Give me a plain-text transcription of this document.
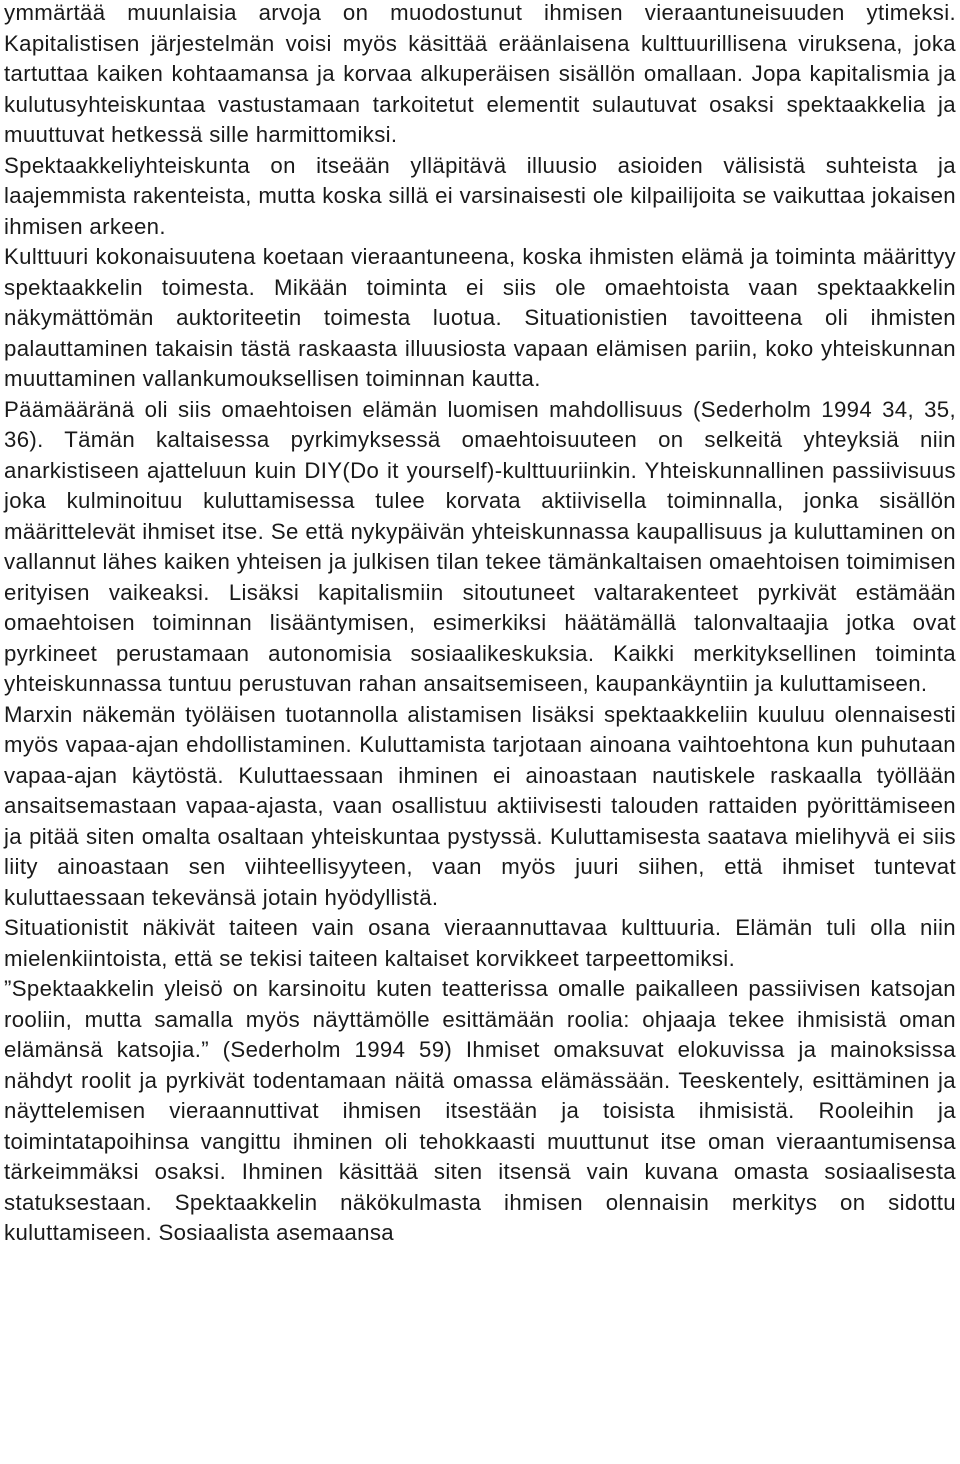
ymmärtää muunlaisia arvoja on muodostunut ihmisen vieraantuneisuuden ytimeksi. Kapitalistisen järjestelmän voisi myös käsittää eräänlaisena kulttuurillisena viruksena, joka tartuttaa kaiken kohtaamansa ja korvaa alkuperäisen sisällön omallaan. Jopa kapitalismia ja kulutusyhteiskuntaa vastustamaan tarkoitetut elementit sulautuvat osaksi spektaakkelia ja muuttuvat hetkessä sille harmittomiksi.

Spektaakkeliyhteiskunta on itseään ylläpitävä illuusio asioiden välisistä suhteista ja laajemmista rakenteista, mutta koska sillä ei varsinaisesti ole kilpailijoita se vaikuttaa jokaisen ihmisen arkeen.

Kulttuuri kokonaisuutena koetaan vieraantuneena, koska ihmisten elämä ja toiminta määrittyy spektaakkelin toimesta. Mikään toiminta ei siis ole omaehtoista vaan spektaakkelin näkymättömän auktoriteetin toimesta luotua. Situationistien tavoitteena oli ihmisten palauttaminen takaisin tästä raskaasta illuusiosta vapaan elämisen pariin, koko yhteiskunnan muuttaminen vallankumouksellisen toiminnan kautta.

Päämääränä oli siis omaehtoisen elämän luomisen mahdollisuus (Sederholm 1994 34, 35, 36). Tämän kaltaisessa pyrkimyksessä omaehtoisuuteen on selkeitä yhteyksiä niin anarkistiseen ajatteluun kuin DIY(Do it yourself)-kulttuuriinkin. Yhteiskunnallinen passiivisuus joka kulminoituu kuluttamisessa tulee korvata aktiivisella toiminnalla, jonka sisällön määrittelevät ihmiset itse. Se että nykypäivän yhteiskunnassa kaupallisuus ja kuluttaminen on vallannut lähes kaiken yhteisen ja julkisen tilan tekee tämänkaltaisen omaehtoisen toimimisen erityisen vaikeaksi. Lisäksi kapitalismiin sitoutuneet valtarakenteet pyrkivät estämään omaehtoisen toiminnan lisääntymisen, esimerkiksi häätämällä talonvaltaajia jotka ovat pyrkineet perustamaan autonomisia sosiaalikeskuksia. Kaikki merkityksellinen toiminta yhteiskunnassa tuntuu perustuvan rahan ansaitsemiseen, kaupankäyntiin ja kuluttamiseen.

Marxin näkemän työläisen tuotannolla alistamisen lisäksi spektaakkeliin kuuluu olennaisesti myös vapaa-ajan ehdollistaminen. Kuluttamista tarjotaan ainoana vaihtoehtona kun puhutaan vapaa-ajan käytöstä. Kuluttaessaan ihminen ei ainoastaan nautiskele raskaalla työllään ansaitsemastaan vapaa-ajasta, vaan osallistuu aktiivisesti talouden rattaiden pyörittämiseen ja pitää siten omalta osaltaan yhteiskuntaa pystyssä. Kuluttamisesta saatava mielihyvä ei siis liity ainoastaan sen viihteellisyyteen, vaan myös juuri siihen, että ihmiset tuntevat kuluttaessaan tekevänsä jotain hyödyllistä.

Situationistit näkivät taiteen vain osana vieraannuttavaa kulttuuria. Elämän tuli olla niin mielenkiintoista, että se tekisi taiteen kaltaiset korvikkeet tarpeettomiksi.

”Spektaakkelin yleisö on karsinoitu kuten teatterissa omalle paikalleen passiivisen katsojan rooliin, mutta samalla myös näyttämölle esittämään roolia: ohjaaja tekee ihmisistä oman elämänsä katsojia.” (Sederholm 1994 59) Ihmiset omaksuvat elokuvissa ja mainoksissa nähdyt roolit ja pyrkivät todentamaan näitä omassa elämässään. Teeskentely, esittäminen ja näyttelemisen vieraannuttivat ihmisen itsestään ja toisista ihmisistä. Rooleihin ja toimintatapoihinsa vangittu ihminen oli tehokkaasti muuttunut itse oman vieraantumisensa tärkeimmäksi osaksi. Ihminen käsittää siten itsensä vain kuvana omasta sosiaalisesta statuksestaan. Spektaakkelin näkökulmasta ihmisen olennaisin merkitys on sidottu kuluttamiseen. Sosiaalista asemaansa
